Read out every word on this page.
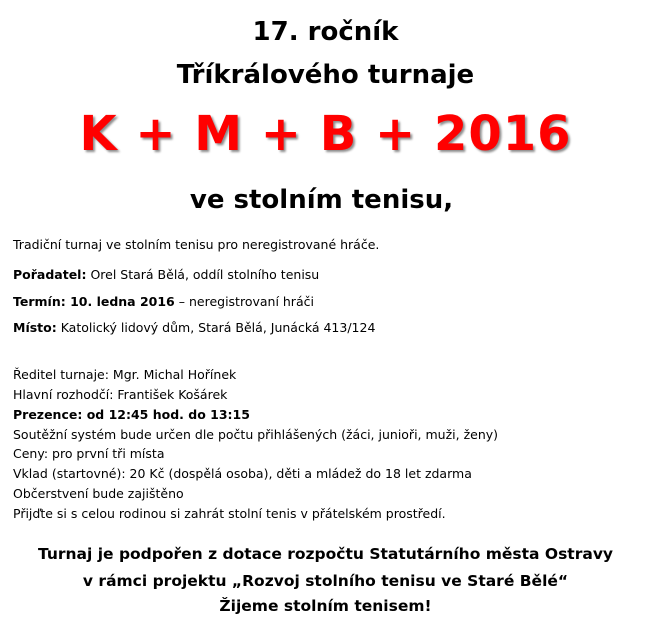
17. ročník
Tříkrálového turnaje
K + M + B + 2016
ve stolním tenisu,

Tradiční turnaj ve stolním tenisu pro neregistrované hráče.

Pořadatel: Orel Stará Bělá, oddíl stolního tenisu

Termín: 10. ledna 2016 – neregistrovaní hráči

Místo: Katolický lidový dům, Stará Bělá, Junácká 413/124

Ředitel turnaje: Mgr. Michal Hořínek

Hlavní rozhodčí: František Košárek

Prezence: od 12:45 hod. do 13:15

Soutěžní systém bude určen dle počtu přihlášených (žáci, junioři, muži, ženy)

Ceny: pro první tři místa

Vklad (startovné): 20 Kč (dospělá osoba), děti a mládež do 18 let zdarma

Občerstvení bude zajištěno

Přijďte si s celou rodinou si zahrát stolní tenis v přátelském prostředí.

Turnaj je podpořen z dotace rozpočtu Statutárního města Ostravy

v rámci projektu „Rozvoj stolního tenisu ve Staré Bělé“

Žijeme stolním tenisem!
